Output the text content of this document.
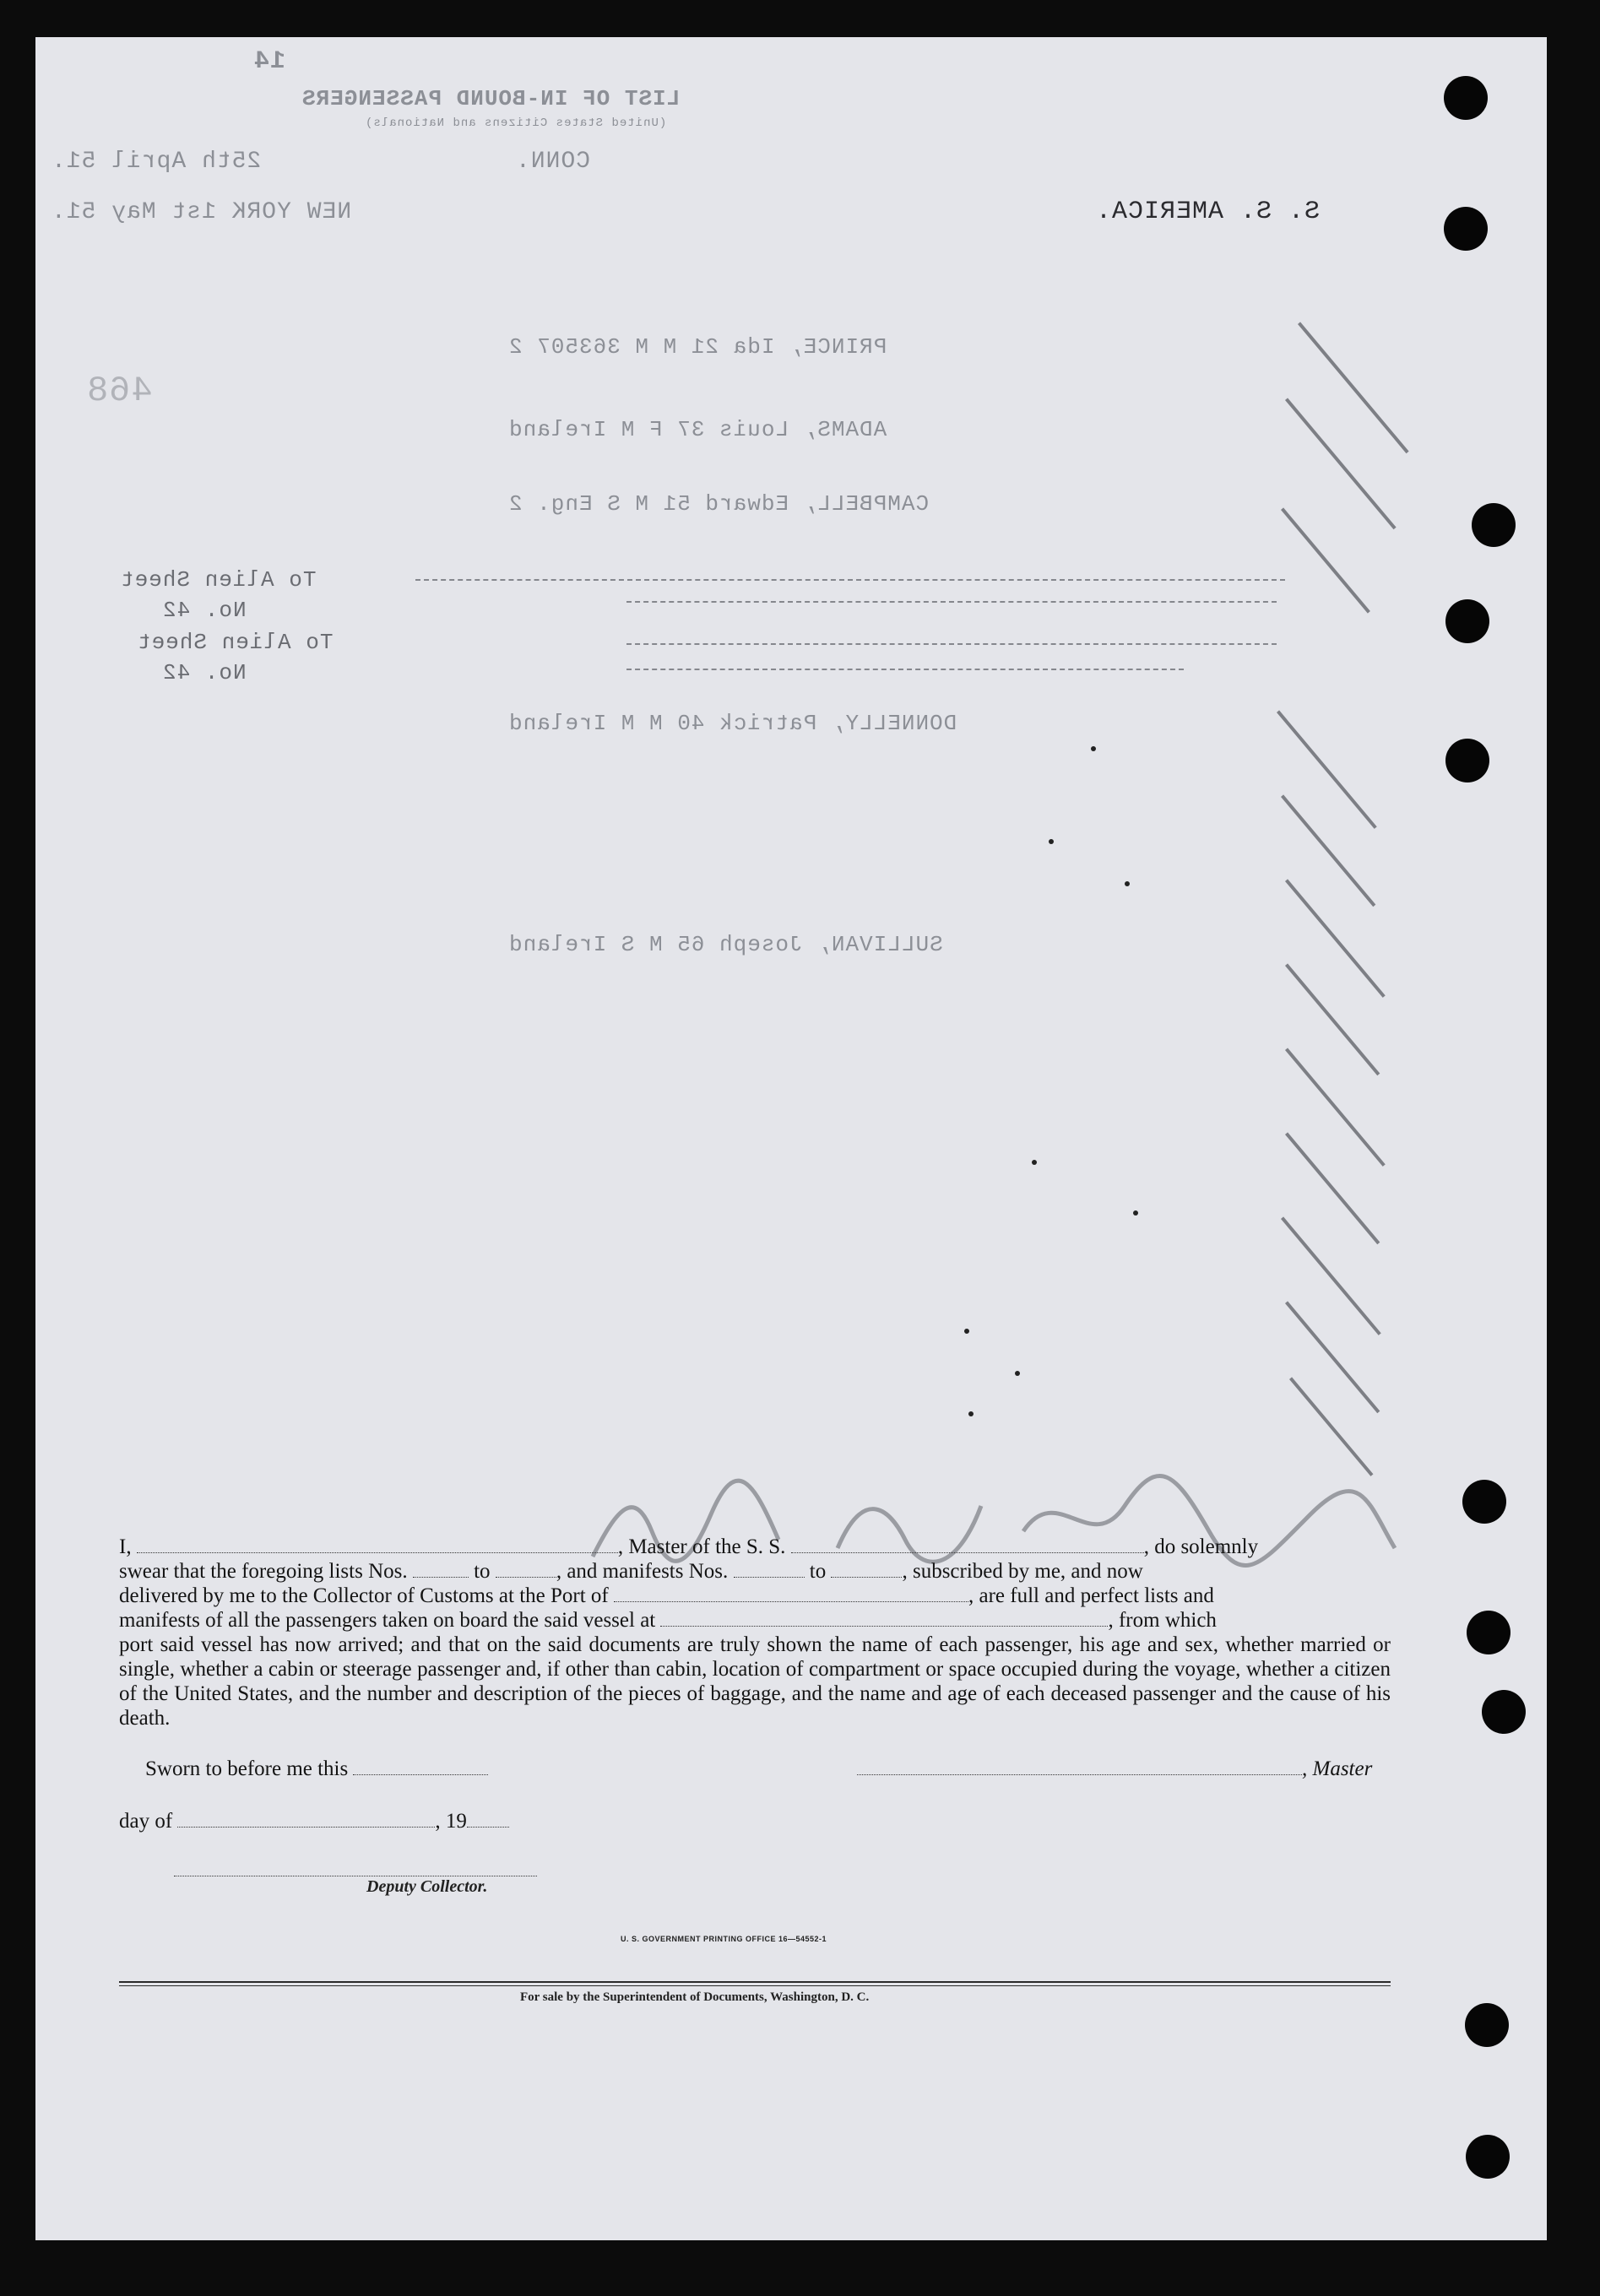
14
LIST OF IN-BOUND PASSENGERS
(United States Citizens and Nationals)
25th April 51.	CONN.
NEW YORK 1st May 51.	S. S. AMERICA.
468
To Alien Sheet
No. 42
To Alien Sheet
No. 42
PRINCE, Ida 21 M M 363507 2
ADAMS, Louis 37 F M Ireland
CAMPBELL, Edward 51 M S Eng. 2
DONNELLY, Patrick 40 M M Ireland
SULLIVAN, Joseph 65 M S Ireland

I,	, Master of the S. S.	, do solemnly

swear that the foregoing lists Nos.	to	, and manifests Nos.	to	, subscribed by me, and now

delivered by me to the Collector of Customs at the Port of	, are full and perfect lists and

manifests of all the passengers taken on board the said vessel at	, from which

port said vessel has now arrived; and that on the said documents are truly shown the name of each passenger, his age and sex, whether married or single, whether a cabin or steerage passenger and, if other than cabin, location of compartment or space occupied during the voyage, whether a citizen of the United States, and the number and description of the pieces of baggage, and the name and age of each deceased passenger and the cause of his death.

Sworn to before me this	, Master
day of	, 19
Deputy Collector.
U. S. GOVERNMENT PRINTING OFFICE 16—54552-1
For sale by the Superintendent of Documents, Washington, D. C.
